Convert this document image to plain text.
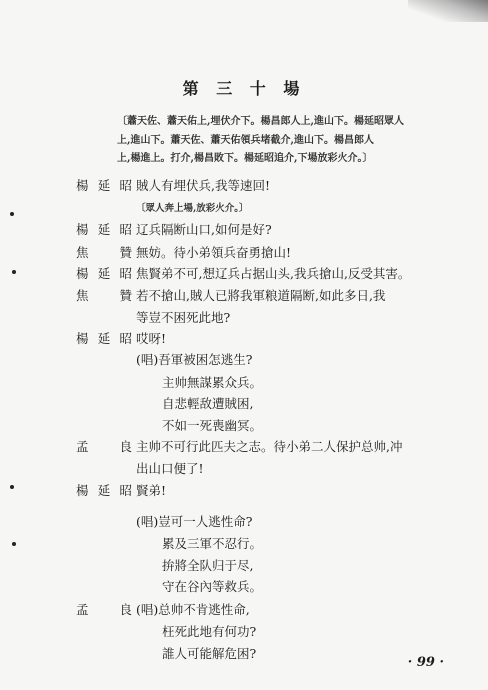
第 三 十 場
〔蕭天佐、蕭天佑上,埋伏介下。楊昌郎人上,進山下。楊延昭眾人
上,進山下。蕭天佐、蕭天佑領兵堵截介,進山下。楊昌郎人
上,楊進上。打介,楊昌敗下。楊延昭追介,下場放彩火介。〕
楊延昭 賊人有埋伏兵,我等速回!
〔眾人奔上場,放彩火介。〕
楊延昭 辽兵隔断山口,如何是好?
焦 贊 無妨。待小弟領兵奋勇搶山!
楊延昭 焦賢弟不可,想辽兵占据山头,我兵搶山,反受其害。
焦 贊 若不搶山,賊人已將我軍粮道隔断,如此多日,我
等豈不困死此地?
楊延昭 哎呀!
(唱)吾軍被困怎逃生?
主帅無謀累众兵。
自悲輕敌遭賊困,
不如一死喪幽冥。
孟 良 主帅不可行此匹夫之志。待小弟二人保护总帅,冲
出山口便了!
楊延昭 賢弟!
(唱)豈可一人逃性命?
累及三軍不忍行。
拚將全队归于尽,
守在谷內等救兵。
孟 良 (唱)总帅不肯逃性命,
枉死此地有何功?
誰人可能解危困?
· 99 ·
